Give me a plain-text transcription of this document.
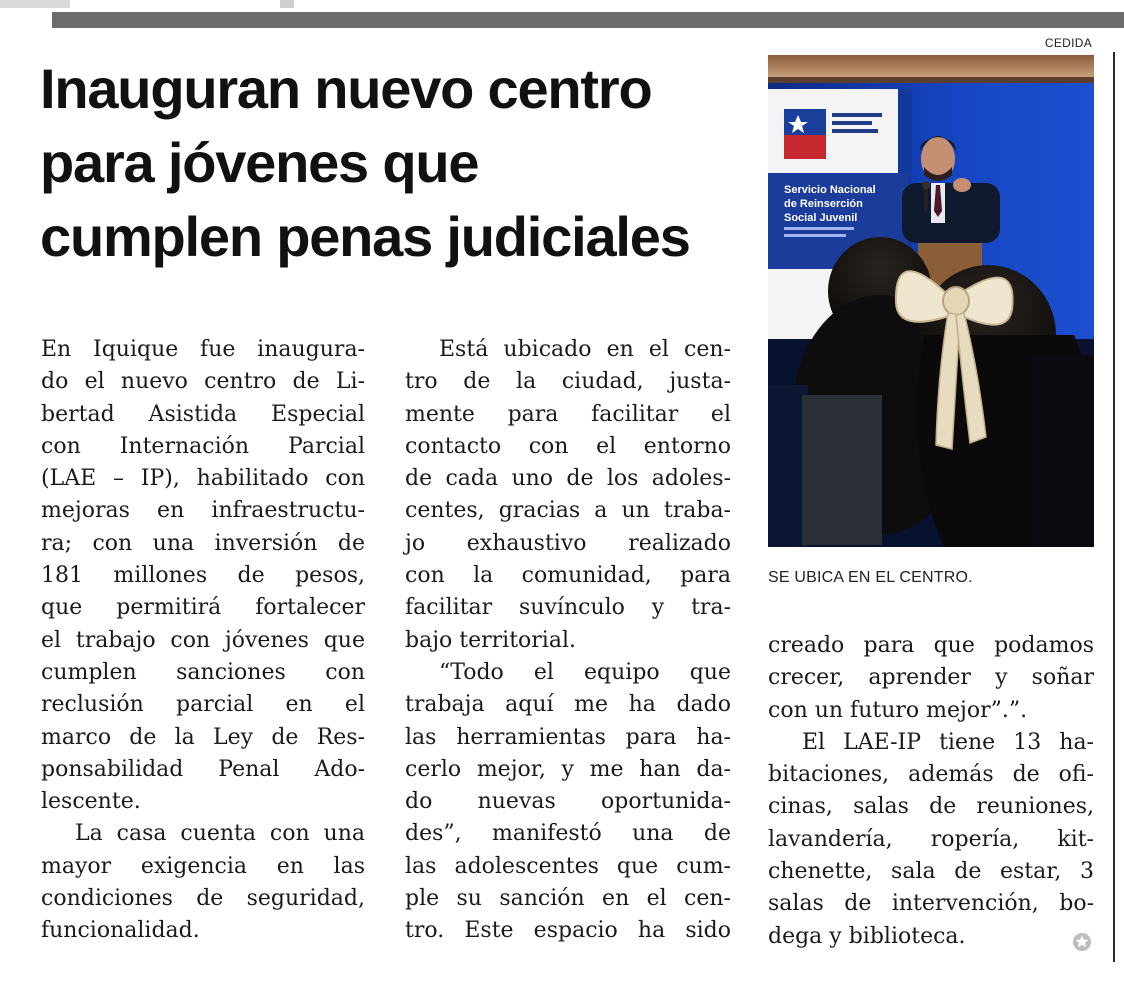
Inauguran nuevo centro
para jóvenes que
cumplen penas judiciales
En Iquique fue inaugura-
do el nuevo centro de Li-
bertad Asistida Especial
con Internación Parcial
(LAE – IP), habilitado con
mejoras en infraestructu-
ra; con una inversión de
181 millones de pesos,
que permitirá fortalecer
el trabajo con jóvenes que
cumplen sanciones con
reclusión parcial en el
marco de la Ley de Res-
ponsabilidad Penal Ado-
lescente.
La casa cuenta con una
mayor exigencia en las
condiciones de seguridad,
funcionalidad.
Está ubicado en el cen-
tro de la ciudad, justa-
mente para facilitar el
contacto con el entorno
de cada uno de los adoles-
centes, gracias a un traba-
jo exhaustivo realizado
con la comunidad, para
facilitar suvínculo y tra-
bajo territorial.
“Todo el equipo que
trabaja aquí me ha dado
las herramientas para ha-
cerlo mejor, y me han da-
do nuevas oportunida-
des”, manifestó una de
las adolescentes que cum-
ple su sanción en el cen-
tro. Este espacio ha sido
CEDIDA
Servicio Nacional
de Reinserción
Social Juvenil
SE UBICA EN EL CENTRO.
creado para que podamos
crecer, aprender y soñar
con un futuro mejor”.”.
El LAE-IP tiene 13 ha-
bitaciones, además de ofi-
cinas, salas de reuniones,
lavandería, ropería, kit-
chenette, sala de estar, 3
salas de intervención, bo-
dega y biblioteca.
